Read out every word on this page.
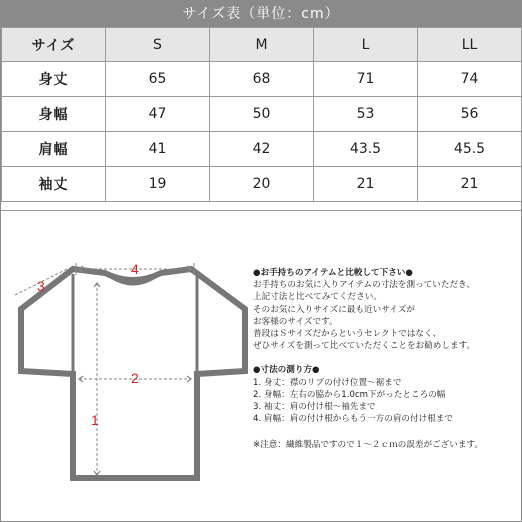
サイズ表（単位：cm）
サイズ	S	M	L	LL
身丈	65	68	71	74
身幅	47	50	53	56
肩幅	41	42	43.5	45.5
袖丈	19	20	21	21
1
2
3
4	●お手持ちのアイテムと比較して下さい●
お手持ちのお気に入りアイテムの寸法を測っていただき、
上記寸法と比べてみてください。
そのお気に入りサイズに最も近いサイズが
お客様のサイズです。
普段はＳサイズだからというセレクトではなく、
ぜひサイズを測って比べていただくことをお勧めします。
●寸法の測り方●
1. 身丈：襟のリブの付け位置〜裾まで
2. 身幅：左右の脇から1.0cm下がったところの幅
3. 袖丈：肩の付け根〜袖先まで
4. 肩幅：肩の付け根からもう一方の肩の付け根まで
※注意：繊維製品ですので１〜２ｃｍの誤差がございます。
